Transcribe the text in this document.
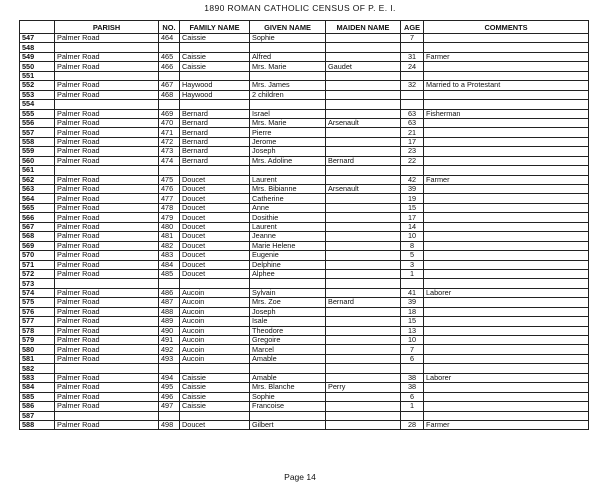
1890 ROMAN CATHOLIC CENSUS OF P. E. I.
	PARISH	NO.	FAMILY NAME	GIVEN NAME	MAIDEN NAME	AGE	COMMENTS
547	Palmer Road	464	Caissie	Sophie		7	
548							
549	Palmer Road	465	Caissie	Alfred		31	Farmer
550	Palmer Road	466	Caissie	Mrs. Marie	Gaudet	24	
551							
552	Palmer Road	467	Haywood	Mrs. James		32	Married to a Protestant
553	Palmer Road	468	Haywood	2 children			
554							
555	Palmer Road	469	Bernard	Israel		63	Fisherman
556	Palmer Road	470	Bernard	Mrs. Marie	Arsenault	63	
557	Palmer Road	471	Bernard	Pierre		21	
558	Palmer Road	472	Bernard	Jerome		17	
559	Palmer Road	473	Bernard	Joseph		23	
560	Palmer Road	474	Bernard	Mrs. Adoline	Bernard	22	
561							
562	Palmer Road	475	Doucet	Laurent		42	Farmer
563	Palmer Road	476	Doucet	Mrs. Bibianne	Arsenault	39	
564	Palmer Road	477	Doucet	Catherine		19	
565	Palmer Road	478	Doucet	Anne		15	
566	Palmer Road	479	Doucet	Dosithie		17	
567	Palmer Road	480	Doucet	Laurent		14	
568	Palmer Road	481	Doucet	Jeanne		10	
569	Palmer Road	482	Doucet	Marie Helene		8	
570	Palmer Road	483	Doucet	Eugenie		5	
571	Palmer Road	484	Doucet	Delphine		3	
572	Palmer Road	485	Doucet	Alphee		1	
573							
574	Palmer Road	486	Aucoin	Sylvain		41	Laborer
575	Palmer Road	487	Aucoin	Mrs. Zoe	Bernard	39	
576	Palmer Road	488	Aucoin	Joseph		18	
577	Palmer Road	489	Aucoin	Isale		15	
578	Palmer Road	490	Aucoin	Theodore		13	
579	Palmer Road	491	Aucoin	Gregoire		10	
580	Palmer Road	492	Aucoin	Marcel		7	
581	Palmer Road	493	Aucoin	Amable		6	
582							
583	Palmer Road	494	Caissie	Amable		38	Laborer
584	Palmer Road	495	Caissie	Mrs. Blanche	Perry	38	
585	Palmer Road	496	Caissie	Sophie		6	
586	Palmer Road	497	Caissie	Francoise		1	
587							
588	Palmer Road	498	Doucet	Gilbert		28	Farmer
Page 14
